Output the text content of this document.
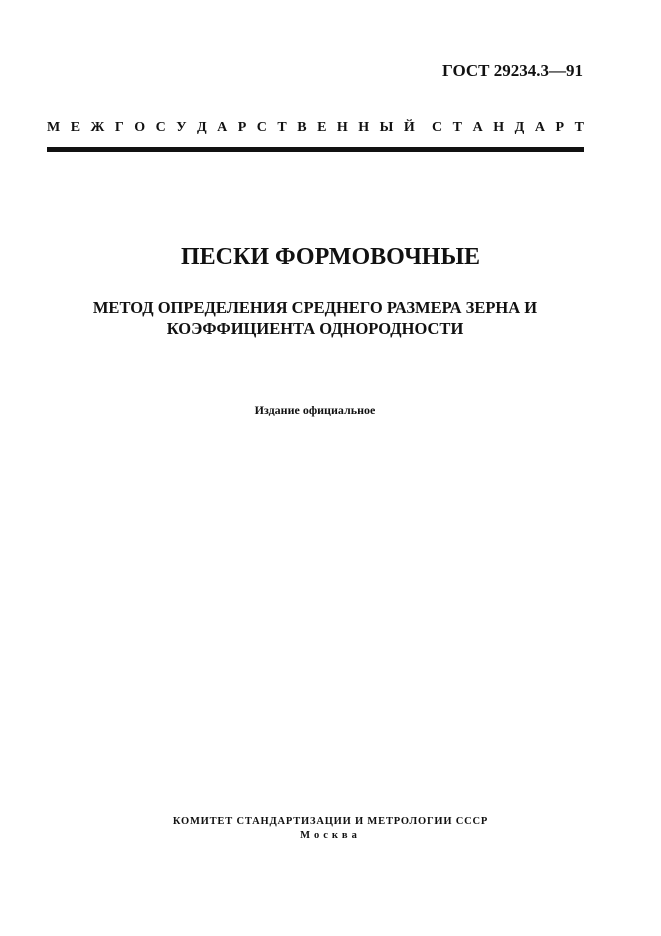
ГОСТ 29234.3—91
М Е Ж Г О С У Д А Р С Т В Е Н Н Ы Й С Т А Н Д А Р Т
ПЕСКИ ФОРМОВОЧНЫЕ
МЕТОД ОПРЕДЕЛЕНИЯ СРЕДНЕГО РАЗМЕРА ЗЕРНА И
КОЭФФИЦИЕНТА ОДНОРОДНОСТИ
Издание официальное
КОМИТЕТ СТАНДАРТИЗАЦИИ И МЕТРОЛОГИИ СССР
Москва
